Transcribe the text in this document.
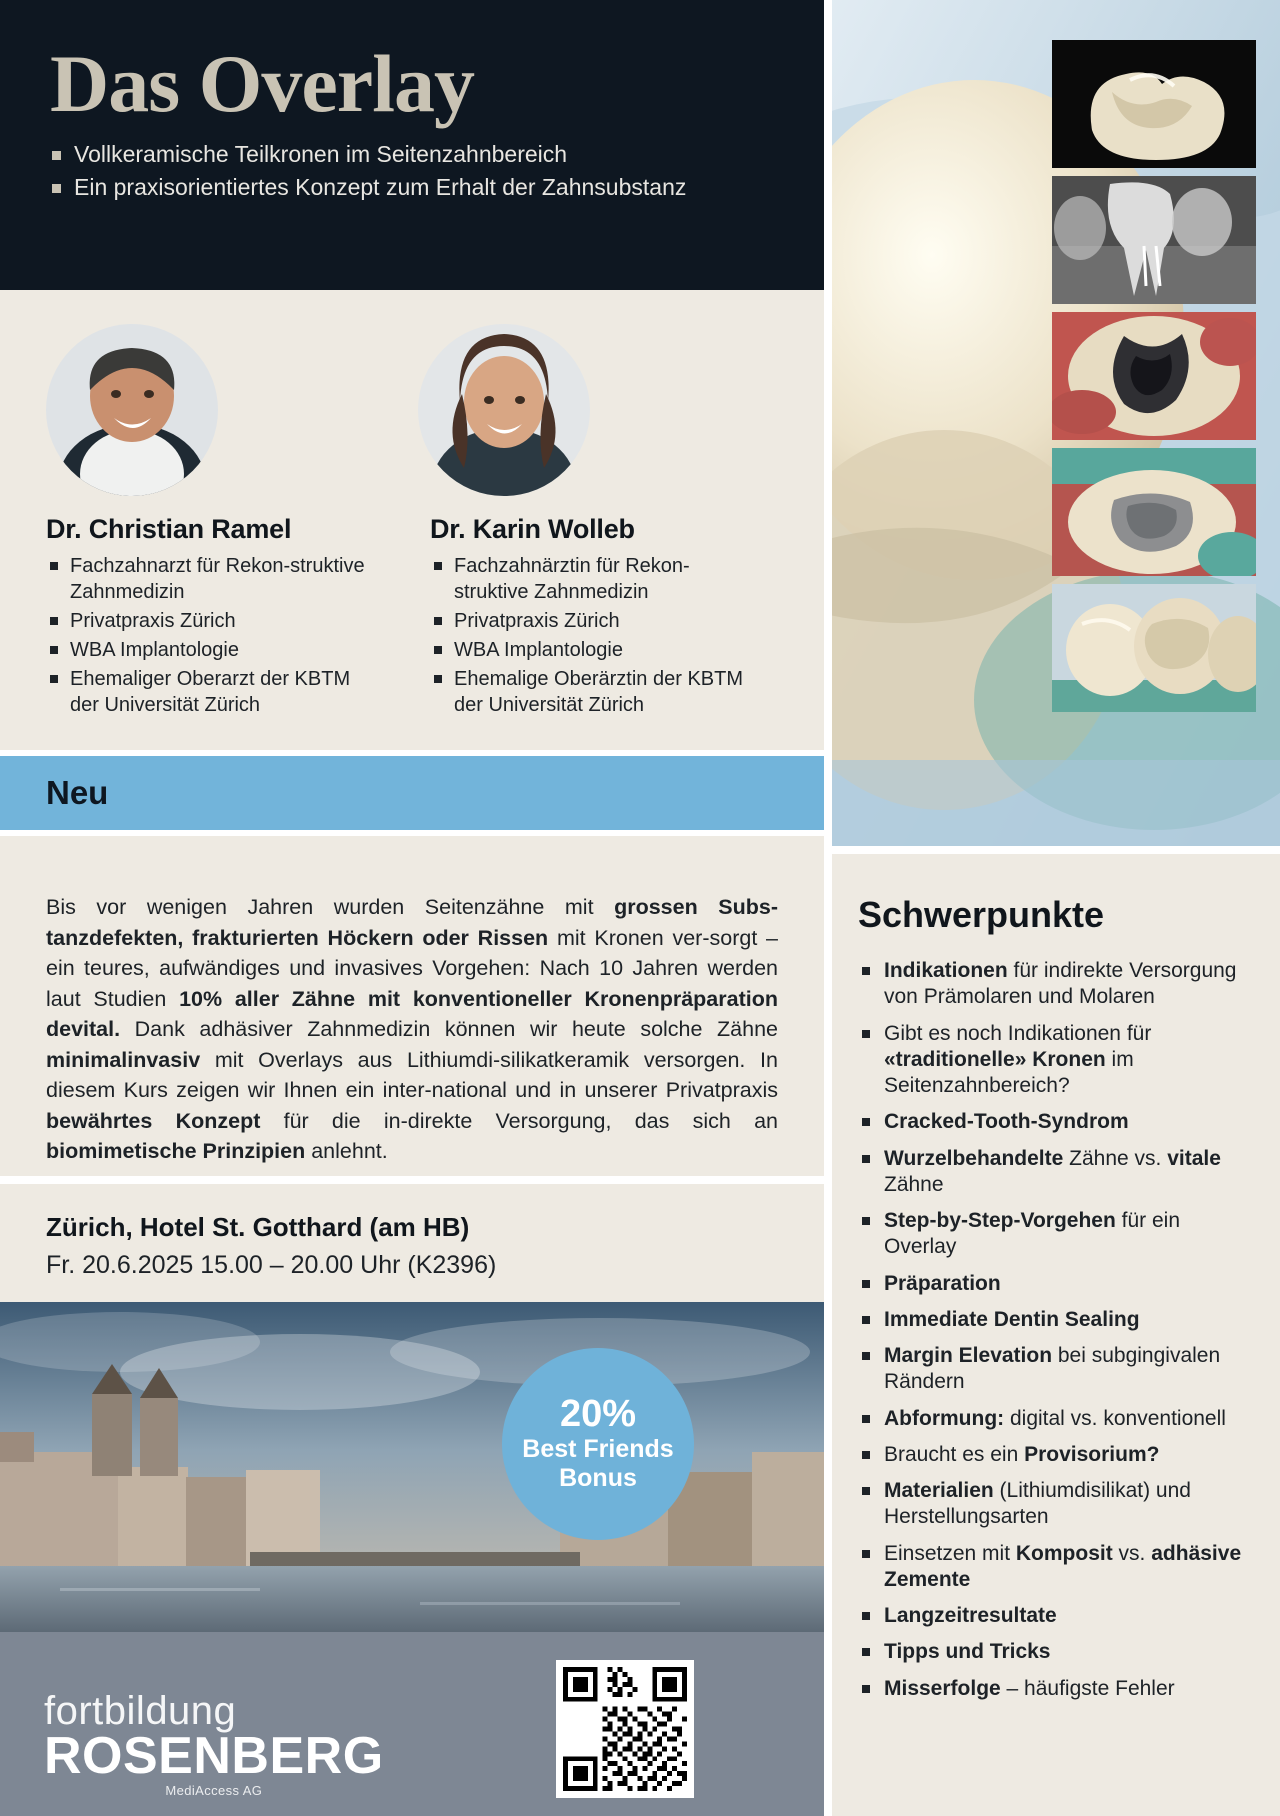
Das Overlay
Vollkeramische Teilkronen im Seitenzahnbereich
Ein praxisorientiertes Konzept zum Erhalt der Zahnsubstanz
Dr. Christian Ramel
Fachzahnarzt für Rekon-struktive Zahnmedizin
Privatpraxis Zürich
WBA Implantologie
Ehemaliger Oberarzt der KBTM der Universität Zürich
Dr. Karin Wolleb
Fachzahnärztin für Rekon-struktive Zahnmedizin
Privatpraxis Zürich
WBA Implantologie
Ehemalige Oberärztin der KBTM der Universität Zürich
Neu

Bis vor wenigen Jahren wurden Seitenzähne mit grossen Subs-tanzdefekten, frakturierten Höckern oder Rissen mit Kronen ver-sorgt – ein teures, aufwändiges und invasives Vorgehen: Nach 10 Jahren werden laut Studien 10% aller Zähne mit konventioneller Kronenpräparation devital. Dank adhäsiver Zahnmedizin können wir heute solche Zähne minimalinvasiv mit Overlays aus Lithiumdi-silikatkeramik versorgen. In diesem Kurs zeigen wir Ihnen ein inter-national und in unserer Privatpraxis bewährtes Konzept für die in-direkte Versorgung, das sich an biomimetische Prinzipien anlehnt.

Zürich, Hotel St. Gotthard (am HB)
Fr. 20.6.2025 15.00 – 20.00 Uhr (K2396)
fortbildung
ROSENBERG
MediAccess AG
20%
Best Friends
Bonus
Schwerpunkte
Indikationen für indirekte Versorgung von Prämolaren und Molaren
Gibt es noch Indikationen für «traditionelle» Kronen im Seitenzahnbereich?
Cracked-Tooth-Syndrom
Wurzelbehandelte Zähne vs. vitale Zähne
Step-by-Step-Vorgehen für ein Overlay
Präparation
Immediate Dentin Sealing
Margin Elevation bei subgingivalen Rändern
Abformung: digital vs. konventionell
Braucht es ein Provisorium?
Materialien (Lithiumdisilikat) und Herstellungsarten
Einsetzen mit Komposit vs. adhäsive Zemente
Langzeitresultate
Tipps und Tricks
Misserfolge – häufigste Fehler
